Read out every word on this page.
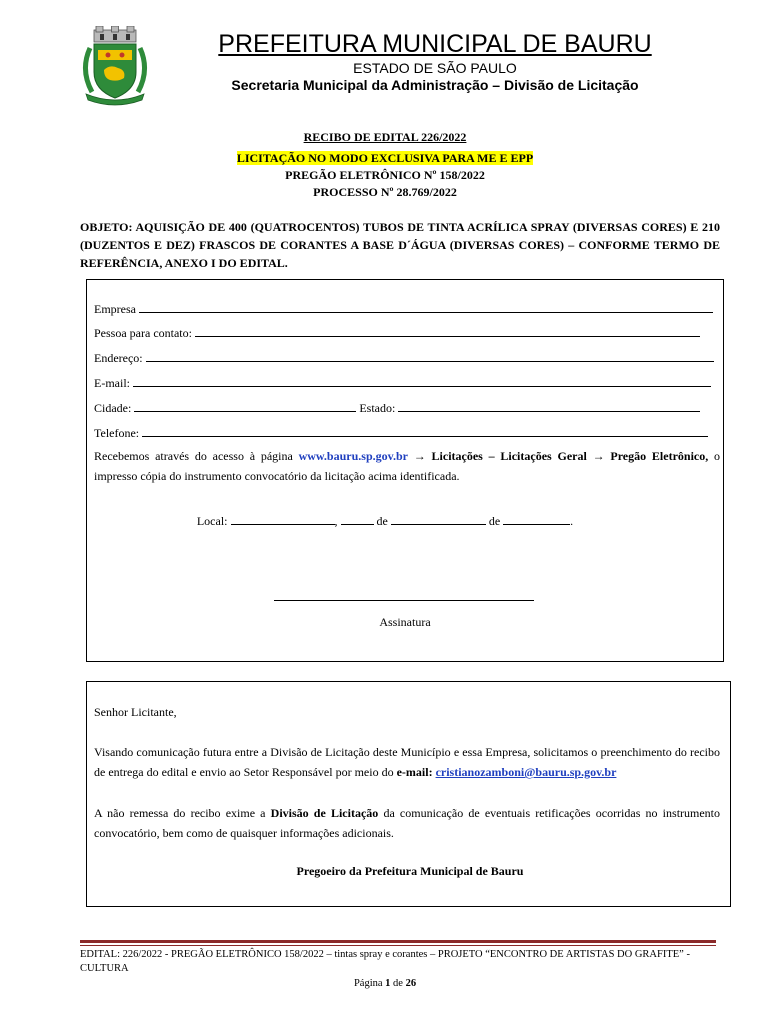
PREFEITURA MUNICIPAL DE BAURU
ESTADO DE SÃO PAULO
Secretaria Municipal da Administração – Divisão de Licitação
RECIBO DE EDITAL 226/2022
LICITAÇÃO NO MODO EXCLUSIVA PARA ME E EPP
PREGÃO ELETRÔNICO Nº 158/2022
PROCESSO Nº 28.769/2022

OBJETO: AQUISIÇÃO DE 400 (QUATROCENTOS) TUBOS DE TINTA ACRÍLICA SPRAY (DIVERSAS CORES) E 210 (DUZENTOS E DEZ) FRASCOS DE CORANTES A BASE D´ÁGUA (DIVERSAS CORES) – CONFORME TERMO DE REFERÊNCIA, ANEXO I DO EDITAL.

Empresa
Pessoa para contato:
Endereço:
E-mail:
Cidade:	Estado:
Telefone:

Recebemos através do acesso à página www.bauru.sp.gov.br → Licitações – Licitações Geral → Pregão Eletrônico, o impresso cópia do instrumento convocatório da licitação acima identificada.

Local:	,	de	de	.
Assinatura
Senhor Licitante,

Visando comunicação futura entre a Divisão de Licitação deste Município e essa Empresa, solicitamos o preenchimento do recibo de entrega do edital e envio ao Setor Responsável por meio do e-mail: cristianozamboni@bauru.sp.gov.br

A não remessa do recibo exime a Divisão de Licitação da comunicação de eventuais retificações ocorridas no instrumento convocatório, bem como de quaisquer informações adicionais.

Pregoeiro da Prefeitura Municipal de Bauru

EDITAL: 226/2022 - PREGÃO ELETRÔNICO 158/2022 – tintas spray e corantes – PROJETO “ENCONTRO DE ARTISTAS DO GRAFITE” - CULTURA

Página 1 de 26
